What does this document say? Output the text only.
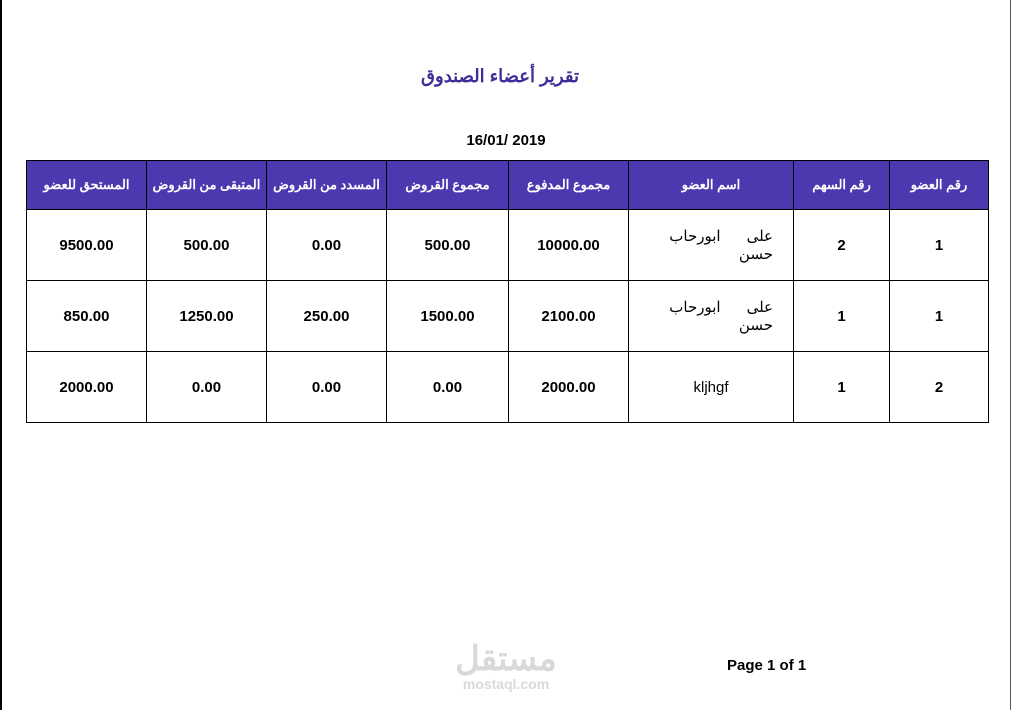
تقرير أعضاء الصندوق
16/01/ 2019
المستحق للعضو	المتبقى من القروض	المسدد من القروض	مجموع القروض	مجموع المدفوع	اسم العضو	رقم السهم	رقم العضو
9500.00	500.00	0.00	500.00	10000.00	علىابورحاب حسن	2	1
850.00	1250.00	250.00	1500.00	2100.00	علىابورحاب حسن	1	1
2000.00	0.00	0.00	0.00	2000.00	kljhgf	1	2
مستقل
mostaql.com
Page 1 of 1
